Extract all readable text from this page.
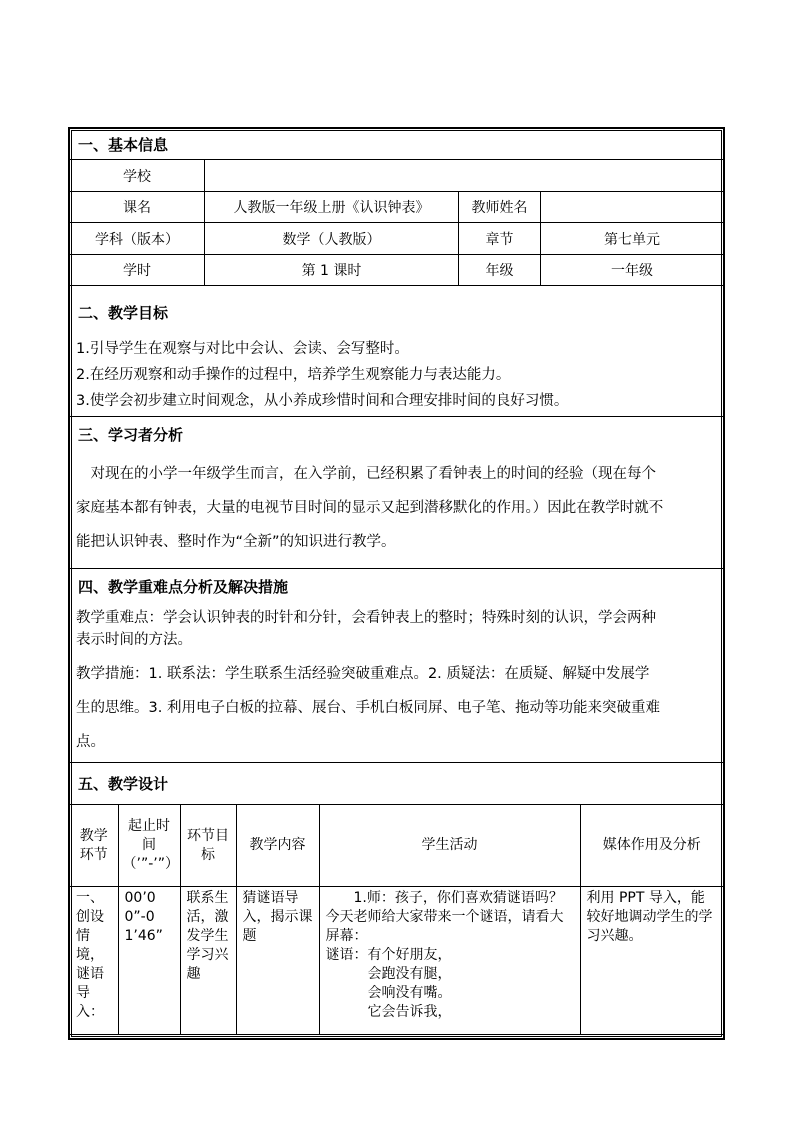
一、基本信息
学校
课名	人教版一年级上册《认识钟表》	教师姓名
学科（版本）	数学（人教版）	章节	第七单元
学时	第 1 课时	年级	一年级
二、教学目标
1.引导学生在观察与对比中会认、会读、会写整时。
2.在经历观察和动手操作的过程中，培养学生观察能力与表达能力。
3.使学会初步建立时间观念，从小养成珍惜时间和合理安排时间的良好习惯。
三、学习者分析
　对现在的小学一年级学生而言，在入学前，已经积累了看钟表上的时间的经验（现在每个
家庭基本都有钟表，大量的电视节目时间的显示又起到潜移默化的作用。）因此在教学时就不
能把认识钟表、整时作为“全新”的知识进行教学。
四、教学重难点分析及解决措施
教学重难点：学会认识钟表的时针和分针，会看钟表上的整时；特殊时刻的认识，学会两种
表示时间的方法。
教学措施：1. 联系法：学生联系生活经验突破重难点。2. 质疑法：在质疑、解疑中发展学
生的思维。3. 利用电子白板的拉幕、展台、手机白板同屏、电子笔、拖动等功能来突破重难
点。
五、教学设计
教学环节	起止时间（’”-’”）	环节目标	教学内容	学生活动	媒体作用及分析
一、创设情境，谜语导入：	00’00”-01’46”	联系生活，激发学生学习兴趣	猜谜语导入，揭示课题	　　1.师：孩子，你们喜欢猜谜语吗？今天老师给大家带来一个谜语，请看大屏幕：
谜语：有个好朋友，
　　　会跑没有腿，
　　　会响没有嘴。
　　　它会告诉我，	利用 PPT 导入，能较好地调动学生的学习兴趣。
